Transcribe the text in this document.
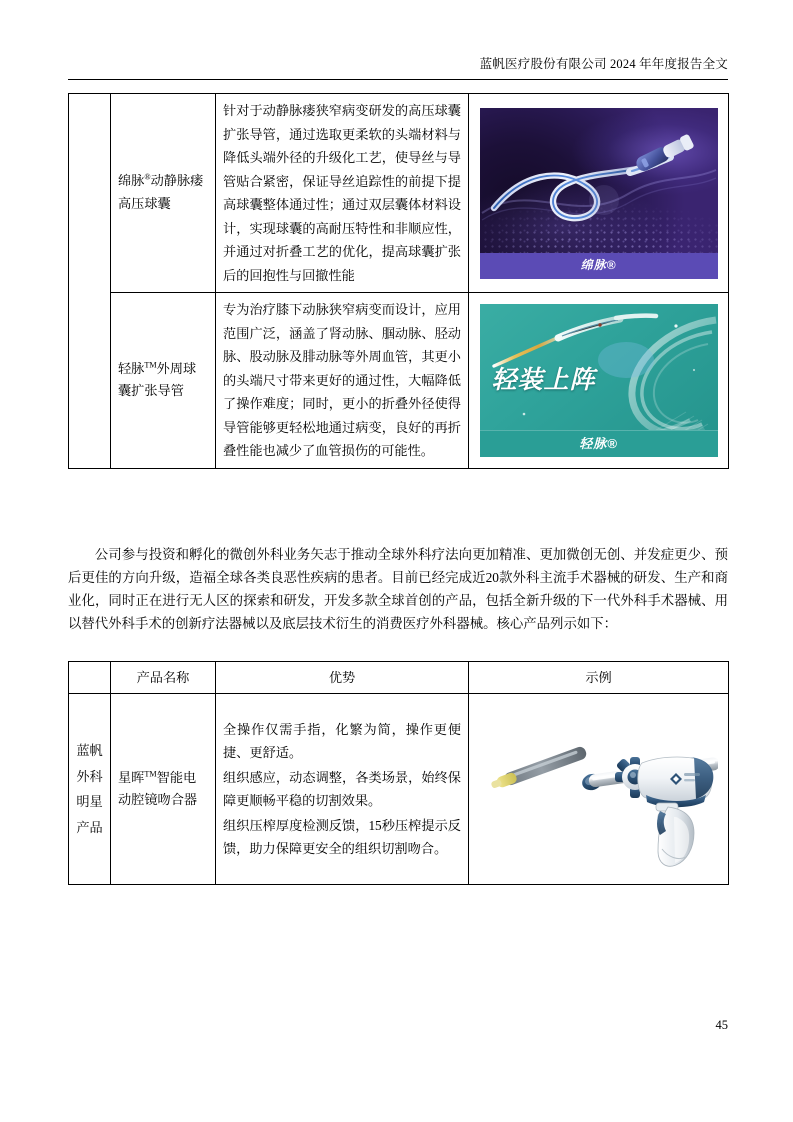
蓝帆医疗股份有限公司 2024 年年度报告全文
	绵脉®动静脉瘘高压球囊	针对于动静脉瘘狭窄病变研发的高压球囊扩张导管，通过选取更柔软的头端材料与降低头端外径的升级化工艺，使导丝与导管贴合紧密，保证导丝追踪性的前提下提高球囊整体通过性；通过双层囊体材料设计，实现球囊的高耐压特性和非顺应性，并通过对折叠工艺的优化，提高球囊扩张后的回抱性与回撤性能	绵脉®

	轻脉™外周球囊扩张导管	专为治疗膝下动脉狭窄病变而设计，应用范围广泛，涵盖了肾动脉、腘动脉、胫动脉、股动脉及腓动脉等外周血管，其更小的头端尺寸带来更好的通过性，大幅降低了操作难度；同时，更小的折叠外径使得导管能够更轻松地通过病变，良好的再折叠性能也减少了血管损伤的可能性。	轻装上阵
轻脉®
公司参与投资和孵化的微创外科业务矢志于推动全球外科疗法向更加精准、更加微创无创、并发症更少、预后更佳的方向升级，造福全球各类良恶性疾病的患者。目前已经完成近20款外科主流手术器械的研发、生产和商业化，同时正在进行无人区的探索和研发，开发多款全球首创的产品，包括全新升级的下一代外科手术器械、用以替代外科手术的创新疗法器械以及底层技术衍生的消费医疗外科器械。核心产品列示如下：
	产品名称	优势	示例
蓝帆外科明星产品	星晖™智能电动腔镜吻合器	全操作仅需手指，化繁为简，操作更便捷、更舒适。

组织感应，动态调整，各类场景，始终保障更顺畅平稳的切割效果。

组织压榨厚度检测反馈，15秒压榨提示反馈，助力保障更安全的组织切割吻合。

45
